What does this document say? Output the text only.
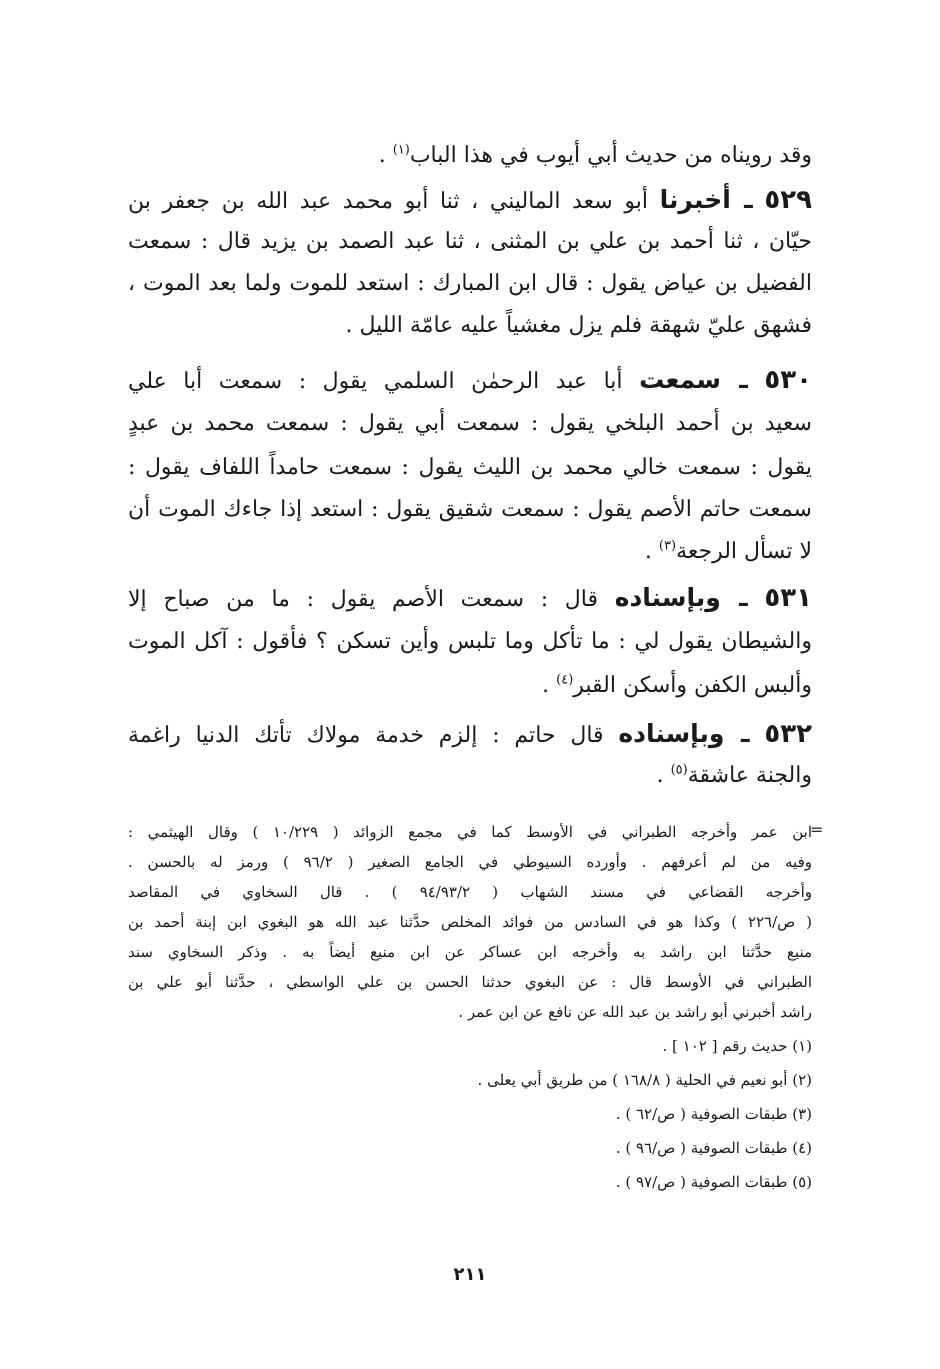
وقد رويناه من حديث أبي أيوب في هذا الباب$^{(١)}$ .
٥٢٩ ـ أخبرنا أبو سعد الماليني ، ثنا أبو محمد عبد الله بن جعفر بن
حيّان ، ثنا أحمد بن علي بن المثنى ، ثنا عبد الصمد بن يزيد قال : سمعت
الفضيل بن عياض يقول : قال ابن المبارك : استعد للموت ولما بعد الموت ،
فشهق عليّ شهقة فلم يزل مغشياً عليه عامّة الليل .
٥٣٠ ـ سمعت أبا عبد الرحمٰن السلمي يقول : سمعت أبا علي
سعيد بن أحمد البلخي يقول : سمعت أبي يقول : سمعت محمد بن عبدٍ
يقول : سمعت خالي محمد بن الليث يقول : سمعت حامداً اللفاف يقول :
سمعت حاتم الأصم يقول : سمعت شقيق يقول : استعد إذا جاءك الموت أن
لا تسأل الرجعة$^{(٣)}$ .
٥٣١ ـ وبإسناده قال : سمعت الأصم يقول : ما من صباح إلا
والشيطان يقول لي : ما تأكل وما تلبس وأين تسكن ؟ فأقول : آكل الموت
وألبس الكفن وأسكن القبر$^{(٤)}$ .
٥٣٢ ـ وبإسناده قال حاتم : إلزم خدمة مولاك تأتك الدنيا راغمة
والجنة عاشقة$^{(٥)}$ .
=
ابن عمر وأخرجه الطبراني في الأوسط كما في مجمع الزوائد ( ١٠/٢٢٩ ) وقال الهيثمي :
وفيه من لم أعرفهم . وأورده السيوطي في الجامع الصغير ( ٩٦/٢ ) ورمز له بالحسن .
وأخرجه القضاعي في مسند الشهاب ( ٩٤/٩٣/٢ ) . قال السخاوي في المقاصد
( ص/٢٢٦ ) وكذا هو في السادس من فوائد المخلص حدَّثنا عبد الله هو البغوي ابن إبنة أحمد بن
منيع حدَّثنا ابن راشد به وأخرجه ابن عساكر عن ابن منيع أيضاً به . وذكر السخاوي سند
الطبراني في الأوسط قال : عن البغوي حدثنا الحسن بن علي الواسطي ، حدَّثنا أبو علي بن
راشد أخبرني أبو راشد بن عبد الله عن نافع عن ابن عمر .
(١) حديث رقم [ ١٠٢ ] .
(٢) أبو نعيم في الحلية ( ١٦٨/٨ ) من طريق أبي يعلى .
(٣) طبقات الصوفية ( ص/٦٢ ) .
(٤) طبقات الصوفية ( ص/٩٦ ) .
(٥) طبقات الصوفية ( ص/٩٧ ) .
٢١١
